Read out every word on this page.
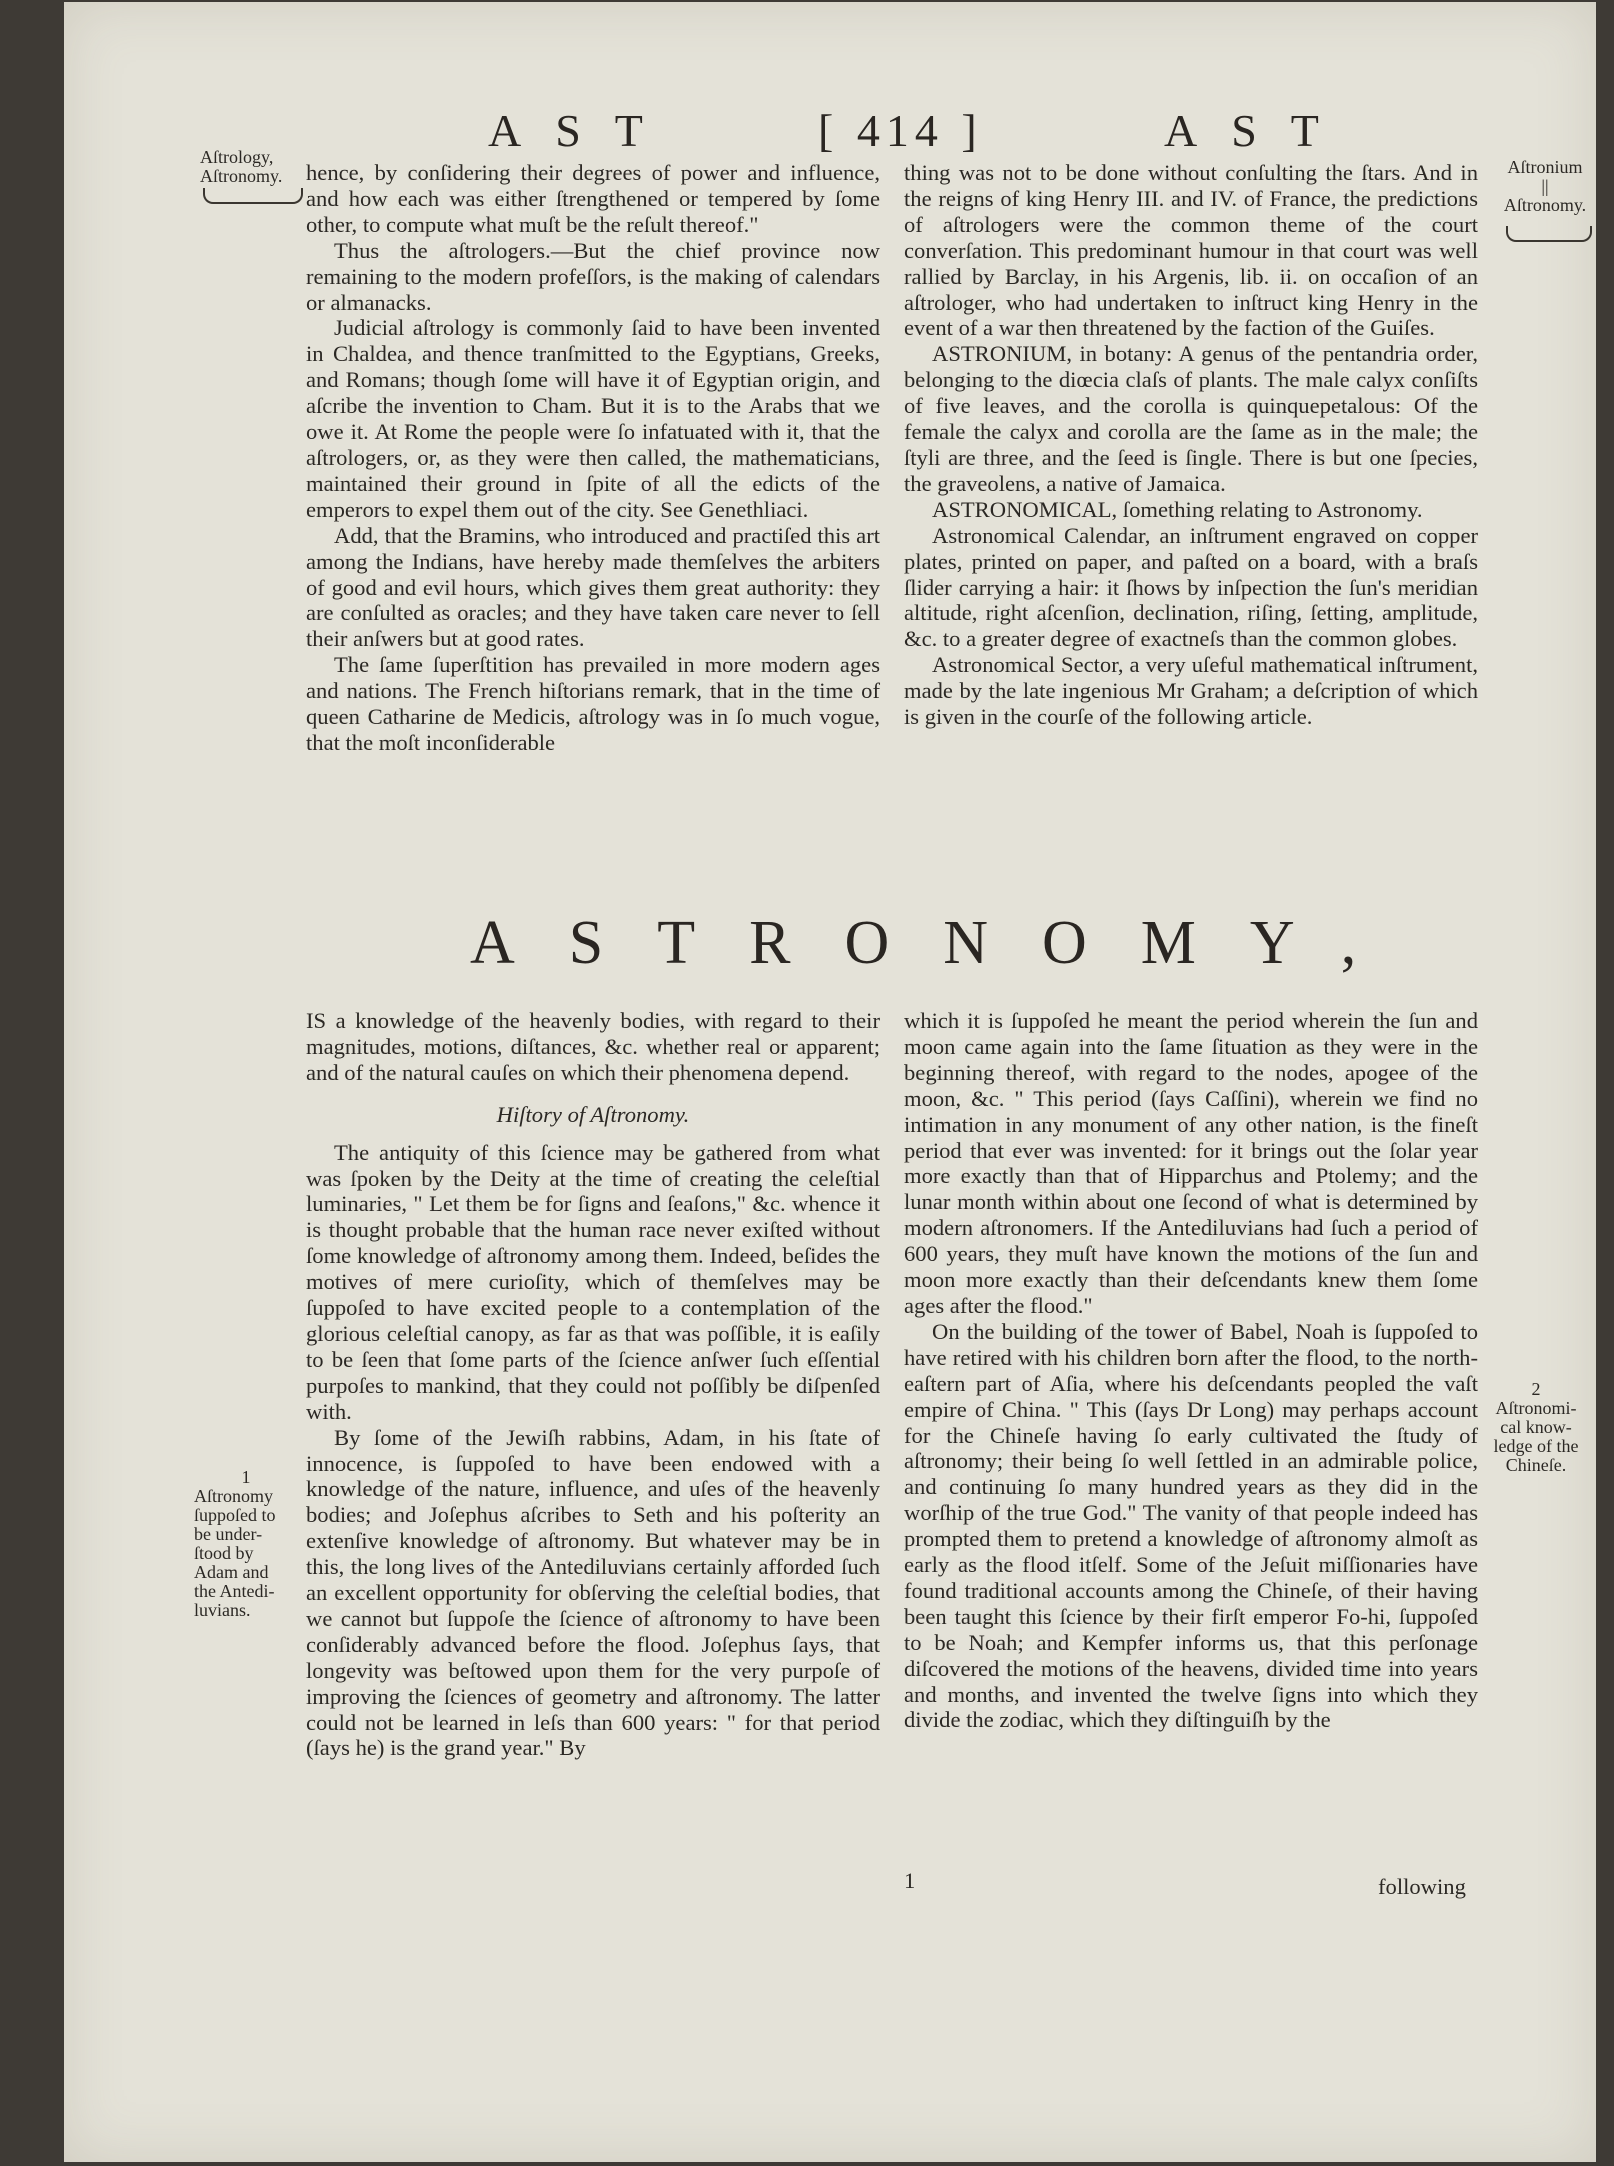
AST	[ 414 ]	AST
Aſtrology,
Aſtronomy.	Aſtronium
||
Aſtronomy.

hence, by conſidering their degrees of power and influence, and how each was either ſtrengthened or tempered by ſome other, to compute what muſt be the reſult thereof."

Thus the aſtrologers.—But the chief province now remaining to the modern profeſſors, is the making of calendars or almanacks.

Judicial aſtrology is commonly ſaid to have been invented in Chaldea, and thence tranſmitted to the Egyptians, Greeks, and Romans; though ſome will have it of Egyptian origin, and aſcribe the invention to Cham. But it is to the Arabs that we owe it. At Rome the people were ſo infatuated with it, that the aſtrologers, or, as they were then called, the mathematicians, maintained their ground in ſpite of all the edicts of the emperors to expel them out of the city. See Genethliaci.

Add, that the Bramins, who introduced and practiſed this art among the Indians, have hereby made themſelves the arbiters of good and evil hours, which gives them great authority: they are conſulted as oracles; and they have taken care never to ſell their anſwers but at good rates.

The ſame ſuperſtition has prevailed in more modern ages and nations. The French hiſtorians remark, that in the time of queen Catharine de Medicis, aſtrology was in ſo much vogue, that the moſt inconſiderable

thing was not to be done without conſulting the ſtars. And in the reigns of king Henry III. and IV. of France, the predictions of aſtrologers were the common theme of the court converſation. This predominant humour in that court was well rallied by Barclay, in his Argenis, lib. ii. on occaſion of an aſtrologer, who had undertaken to inſtruct king Henry in the event of a war then threatened by the faction of the Guiſes.

ASTRONIUM, in botany: A genus of the pentandria order, belonging to the diœcia claſs of plants. The male calyx conſiſts of five leaves, and the corolla is quinquepetalous: Of the female the calyx and corolla are the ſame as in the male; the ſtyli are three, and the ſeed is ſingle. There is but one ſpecies, the graveolens, a native of Jamaica.

ASTRONOMICAL, ſomething relating to Astronomy.

Astronomical Calendar, an inſtrument engraved on copper plates, printed on paper, and paſted on a board, with a braſs ſlider carrying a hair: it ſhows by inſpection the ſun's meridian altitude, right aſcenſion, declination, riſing, ſetting, amplitude, &c. to a greater degree of exactneſs than the common globes.

Astronomical Sector, a very uſeful mathematical inſtrument, made by the late ingenious Mr Graham; a deſcription of which is given in the courſe of the following article.

ASTRONOMY,

IS a knowledge of the heavenly bodies, with regard to their magnitudes, motions, diſtances, &c. whether real or apparent; and of the natural cauſes on which their phenomena depend.

Hiſtory of Aſtronomy.

The antiquity of this ſcience may be gathered from what was ſpoken by the Deity at the time of creating the celeſtial luminaries, " Let them be for ſigns and ſeaſons," &c. whence it is thought probable that the human race never exiſted without ſome knowledge of aſtronomy among them. Indeed, beſides the motives of mere curioſity, which of themſelves may be ſuppoſed to have excited people to a contemplation of the glorious celeſtial canopy, as far as that was poſſible, it is eaſily to be ſeen that ſome parts of the ſcience anſwer ſuch eſſential purpoſes to mankind, that they could not poſſibly be diſpenſed with.

By ſome of the Jewiſh rabbins, Adam, in his ſtate of innocence, is ſuppoſed to have been endowed with a knowledge of the nature, influence, and uſes of the heavenly bodies; and Joſephus aſcribes to Seth and his poſterity an extenſive knowledge of aſtronomy. But whatever may be in this, the long lives of the Antediluvians certainly afforded ſuch an excellent opportunity for obſerving the celeſtial bodies, that we cannot but ſuppoſe the ſcience of aſtronomy to have been conſiderably advanced before the flood. Joſephus ſays, that longevity was beſtowed upon them for the very purpoſe of improving the ſciences of geometry and aſtronomy. The latter could not be learned in leſs than 600 years: " for that period (ſays he) is the grand year." By

1
Aſtronomy
ſuppoſed to
be under-
ſtood by
Adam and
the Antedi-
luvians.

which it is ſuppoſed he meant the period wherein the ſun and moon came again into the ſame ſituation as they were in the beginning thereof, with regard to the nodes, apogee of the moon, &c. " This period (ſays Caſſini), wherein we find no intimation in any monument of any other nation, is the fineſt period that ever was invented: for it brings out the ſolar year more exactly than that of Hipparchus and Ptolemy; and the lunar month within about one ſecond of what is determined by modern aſtronomers. If the Antediluvians had ſuch a period of 600 years, they muſt have known the motions of the ſun and moon more exactly than their deſcendants knew them ſome ages after the flood."

On the building of the tower of Babel, Noah is ſuppoſed to have retired with his children born after the flood, to the north-eaſtern part of Aſia, where his deſcendants peopled the vaſt empire of China. " This (ſays Dr Long) may perhaps account for the Chineſe having ſo early cultivated the ſtudy of aſtronomy; their being ſo well ſettled in an admirable police, and continuing ſo many hundred years as they did in the worſhip of the true God." The vanity of that people indeed has prompted them to pretend a knowledge of aſtronomy almoſt as early as the flood itſelf. Some of the Jeſuit miſſionaries have found traditional accounts among the Chineſe, of their having been taught this ſcience by their firſt emperor Fo-hi, ſuppoſed to be Noah; and Kempfer informs us, that this perſonage diſcovered the motions of the heavens, divided time into years and months, and invented the twelve ſigns into which they divide the zodiac, which they diſtinguiſh by the

2
Aſtronomi-
cal know-
ledge of the
Chineſe.
1	following
